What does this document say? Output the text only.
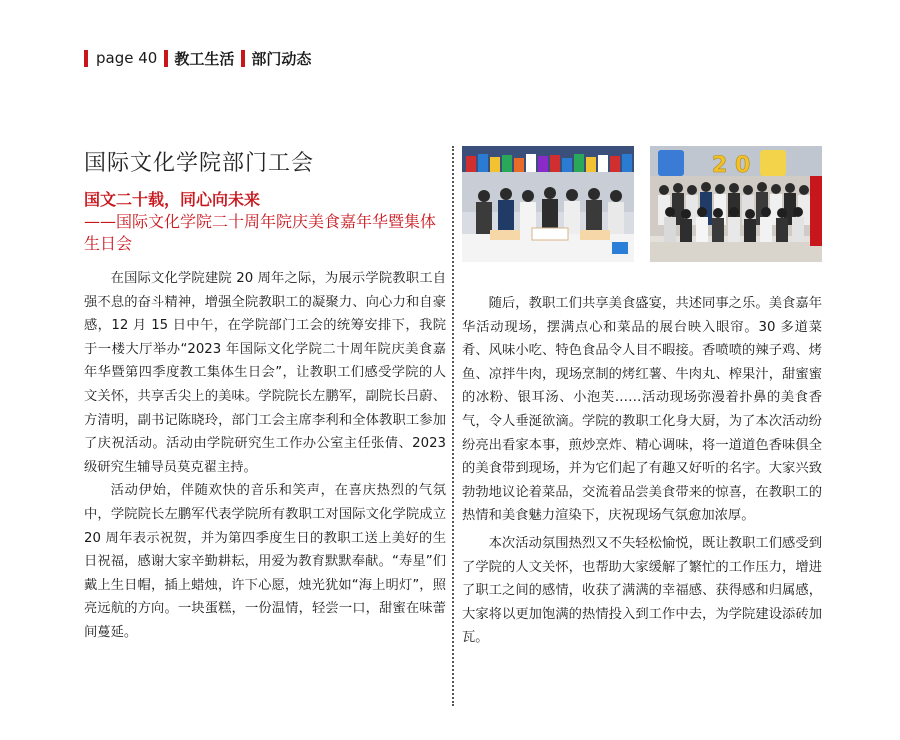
page 40 教工生活 部门动态
国际文化学院部门工会
国文二十载，同心向未来
——国际文化学院二十周年院庆美食嘉年华暨集体生日会

在国际文化学院建院 20 周年之际，为展示学院教职工自强不息的奋斗精神，增强全院教职工的凝聚力、向心力和自豪感，12 月 15 日中午，在学院部门工会的统筹安排下，我院于一楼大厅举办“2023 年国际文化学院二十周年院庆美食嘉年华暨第四季度教工集体生日会”，让教职工们感受学院的人文关怀，共享舌尖上的美味。学院院长左鹏军，副院长吕蔚、方清明，副书记陈晓玲，部门工会主席李利和全体教职工参加了庆祝活动。活动由学院研究生工作办公室主任张倩、2023 级研究生辅导员莫克翟主持。

活动伊始，伴随欢快的音乐和笑声，在喜庆热烈的气氛中，学院院长左鹏军代表学院所有教职工对国际文化学院成立 20 周年表示祝贺，并为第四季度生日的教职工送上美好的生日祝福，感谢大家辛勤耕耘，用爱为教育默默奉献。“寿星”们戴上生日帽，插上蜡烛，许下心愿，烛光犹如“海上明灯”，照亮远航的方向。一块蛋糕，一份温情，轻尝一口，甜蜜在味蕾间蔓延。

2 0

随后，教职工们共享美食盛宴，共述同事之乐。美食嘉年华活动现场，摆满点心和菜品的展台映入眼帘。30 多道菜肴、风味小吃、特色食品令人目不暇接。香喷喷的辣子鸡、烤鱼、凉拌牛肉，现场烹制的烤红薯、牛肉丸、榨果汁，甜蜜蜜的冰粉、银耳汤、小泡芙……活动现场弥漫着扑鼻的美食香气，令人垂涎欲滴。学院的教职工化身大厨，为了本次活动纷纷亮出看家本事，煎炒烹炸、精心调味，将一道道色香味俱全的美食带到现场，并为它们起了有趣又好听的名字。大家兴致勃勃地议论着菜品，交流着品尝美食带来的惊喜，在教职工的热情和美食魅力渲染下，庆祝现场气氛愈加浓厚。

本次活动氛围热烈又不失轻松愉悦，既让教职工们感受到了学院的人文关怀，也帮助大家缓解了繁忙的工作压力，增进了职工之间的感情，收获了满满的幸福感、获得感和归属感，大家将以更加饱满的热情投入到工作中去，为学院建设添砖加瓦。
